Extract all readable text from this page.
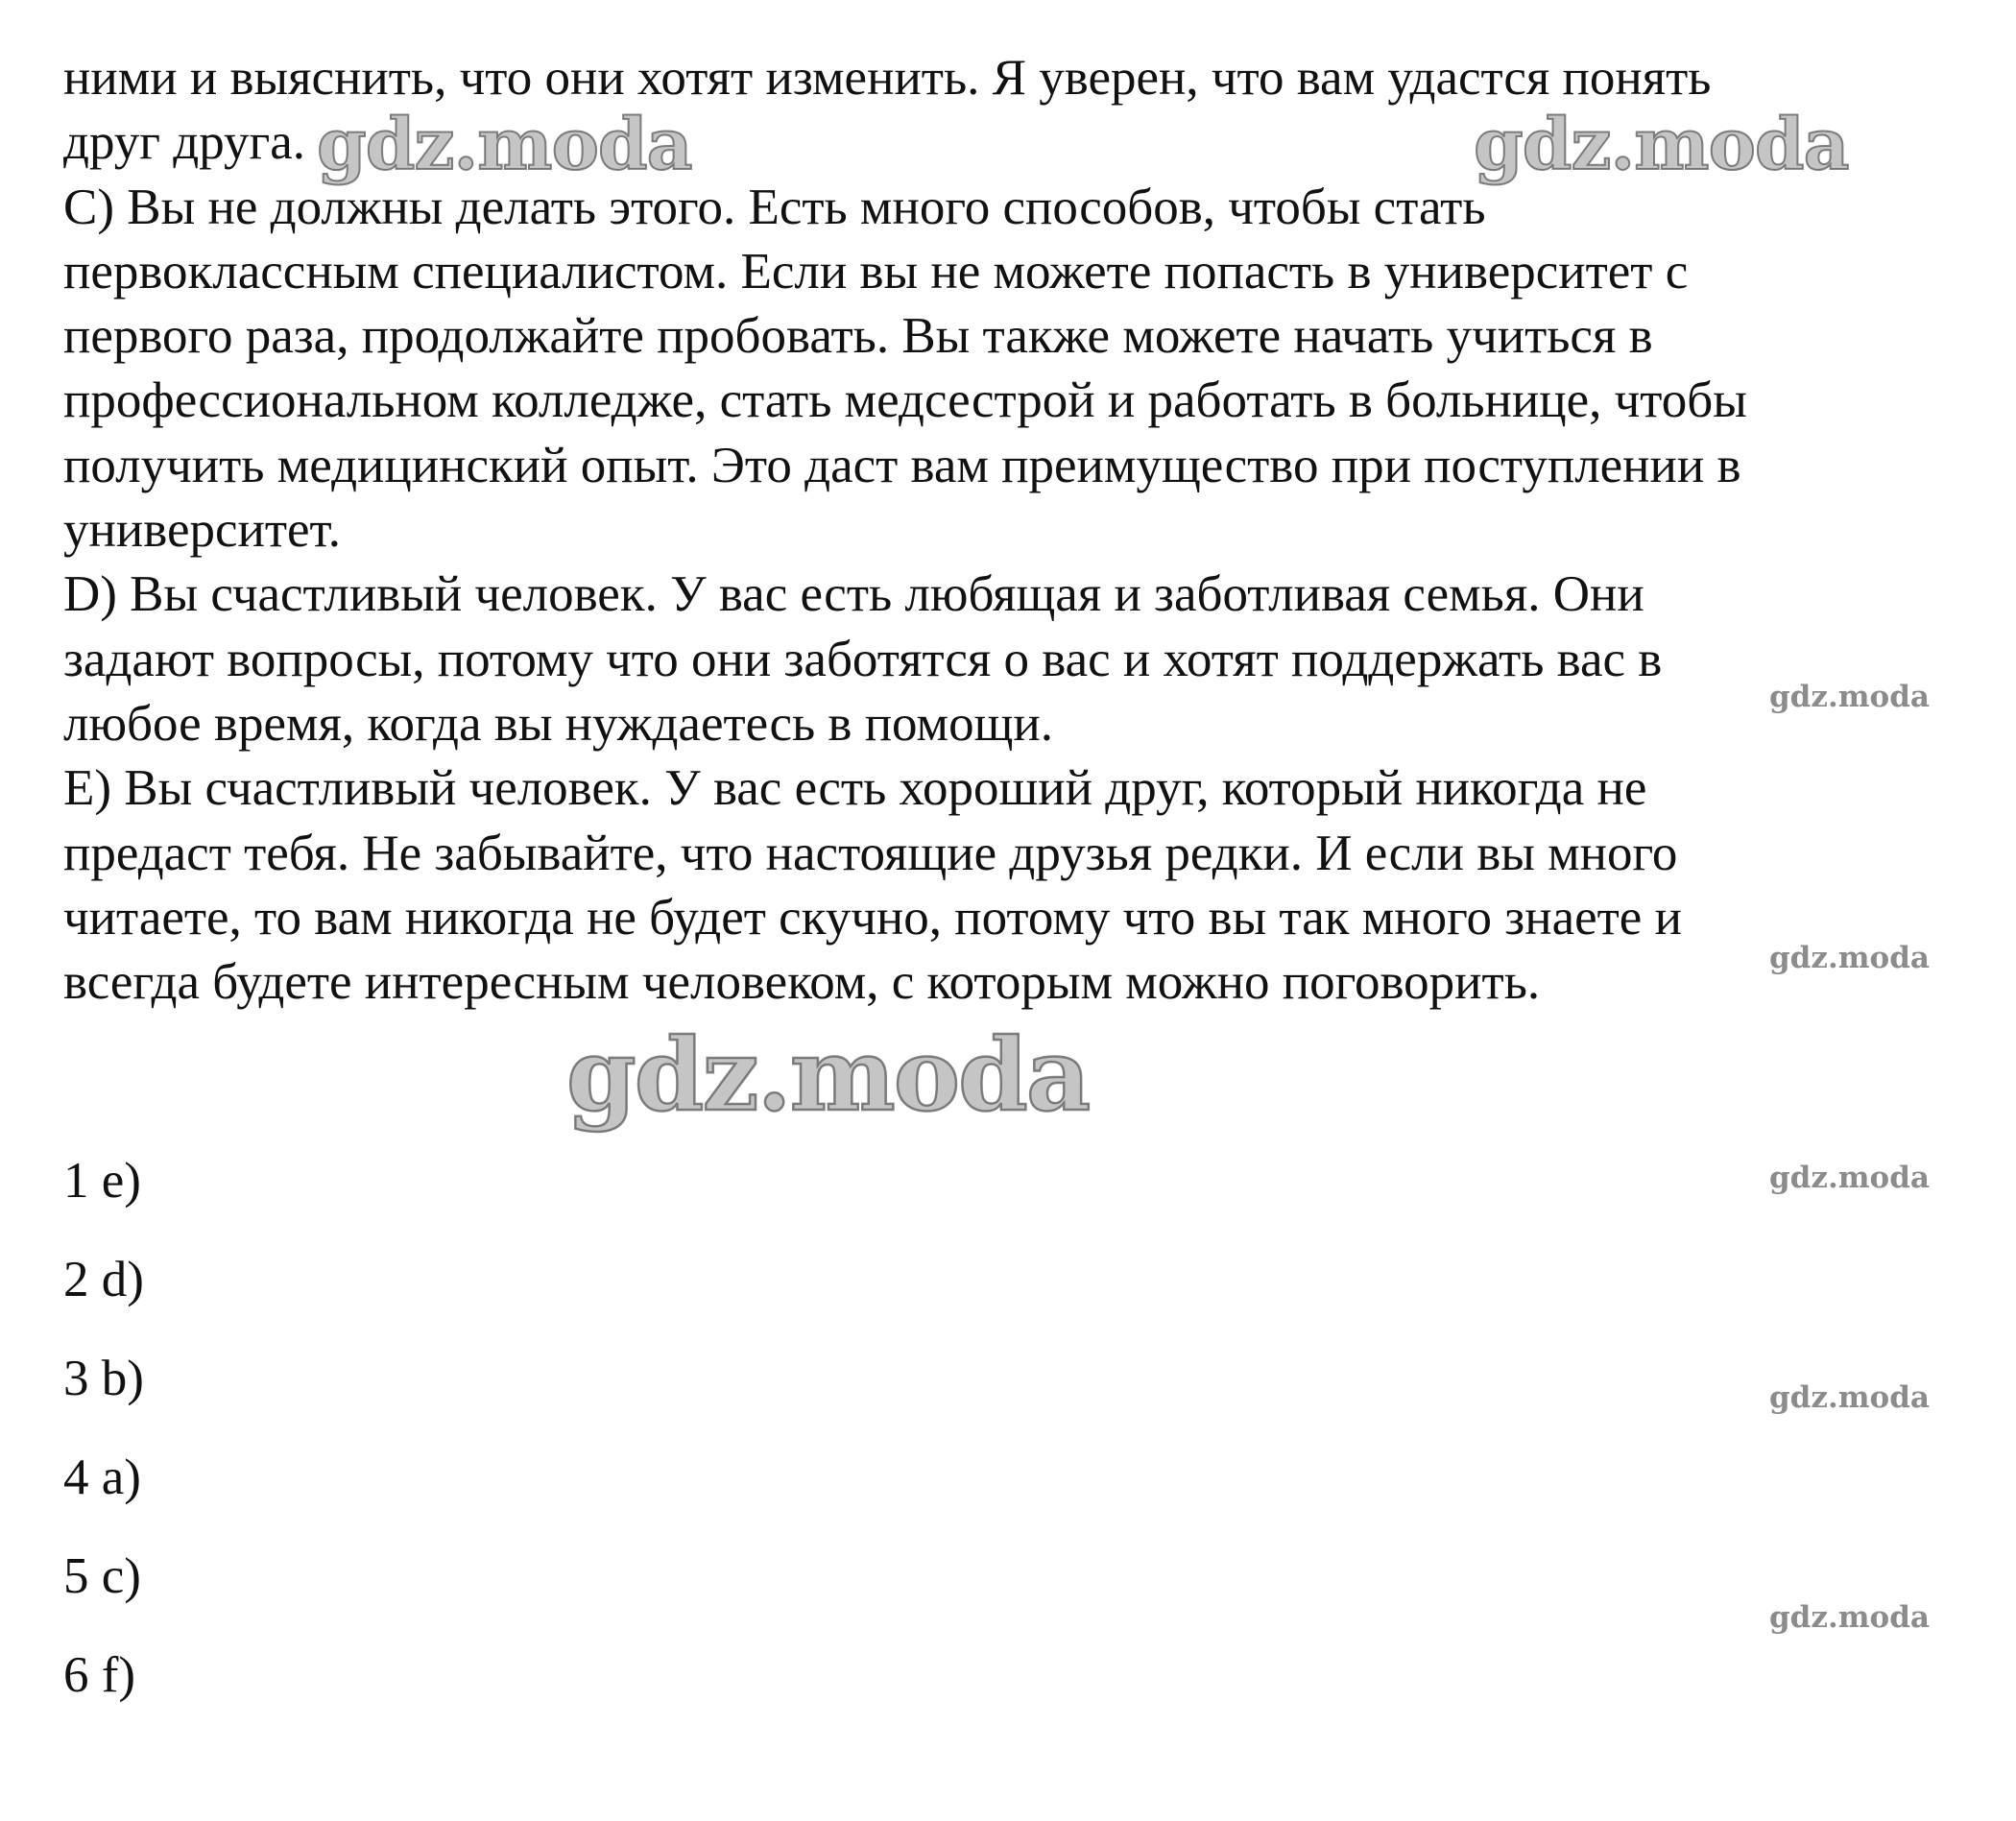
ними и выяснить, что они хотят изменить. Я уверен, что вам удастся понять
друг друга.
C) Вы не должны делать этого. Есть много способов, чтобы стать
первоклассным специалистом. Если вы не можете попасть в университет с
первого раза, продолжайте пробовать. Вы также можете начать учиться в
профессиональном колледже, стать медсестрой и работать в больнице, чтобы
получить медицинский опыт. Это даст вам преимущество при поступлении в
университет.
D) Вы счастливый человек. У вас есть любящая и заботливая семья. Они
задают вопросы, потому что они заботятся о вас и хотят поддержать вас в
любое время, когда вы нуждаетесь в помощи.
E) Вы счастливый человек. У вас есть хороший друг, который никогда не
предаст тебя. Не забывайте, что настоящие друзья редки. И если вы много
читаете, то вам никогда не будет скучно, потому что вы так много знаете и
всегда будете интересным человеком, с которым можно поговорить.
1 e)
2 d)
3 b)
4 a)
5 c)
6 f)
gdz.moda	gdz.moda
gdz.moda
gdz.moda
gdz.moda
gdz.moda
gdz.moda
gdz.moda
